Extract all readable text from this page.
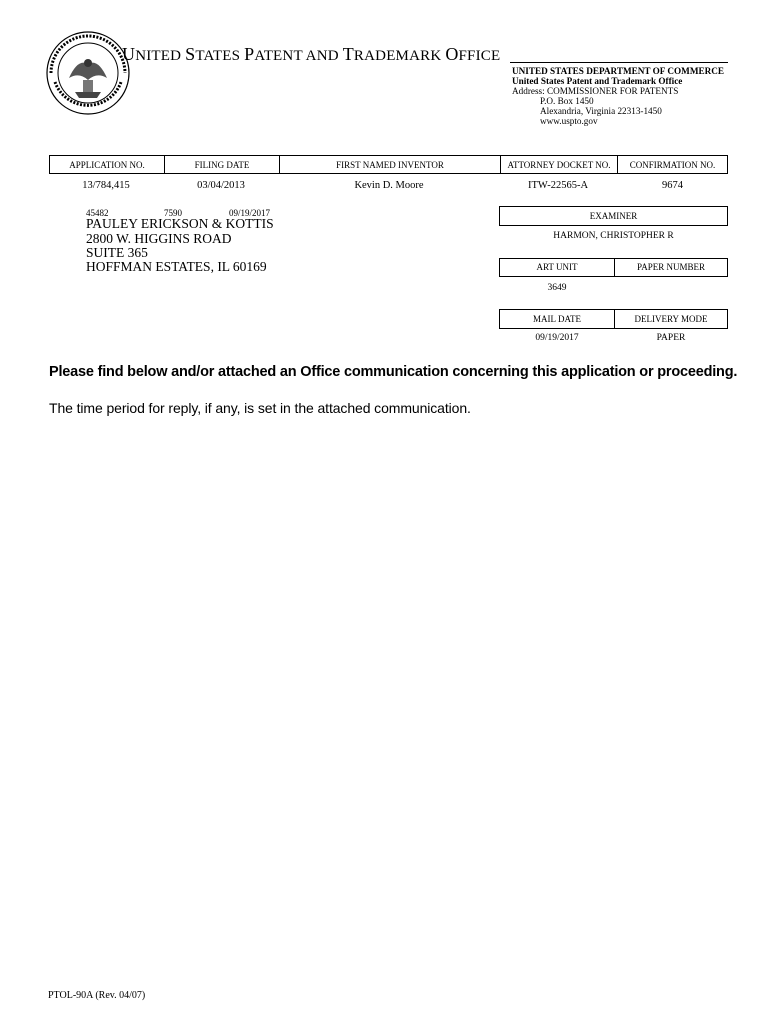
UNITED STATES PATENT AND TRADEMARK OFFICE
UNITED STATES DEPARTMENT OF COMMERCE
United States Patent and Trademark Office
Address: COMMISSIONER FOR PATENTS
P.O. Box 1450
Alexandria, Virginia 22313-1450
www.uspto.gov
APPLICATION NO.	FILING DATE	FIRST NAMED INVENTOR	ATTORNEY DOCKET NO.	CONFIRMATION NO.
13/784,415	03/04/2013	Kevin D. Moore	ITW-22565-A	9674
45482	7590	09/19/2017
PAULEY ERICKSON & KOTTIS
2800 W. HIGGINS ROAD
SUITE 365
HOFFMAN ESTATES, IL 60169
EXAMINER
HARMON, CHRISTOPHER R
ART UNIT	PAPER NUMBER
3649
MAIL DATE	DELIVERY MODE
09/19/2017	PAPER
Please find below and/or attached an Office communication concerning this application or proceeding.
The time period for reply, if any, is set in the attached communication.
PTOL-90A (Rev. 04/07)
